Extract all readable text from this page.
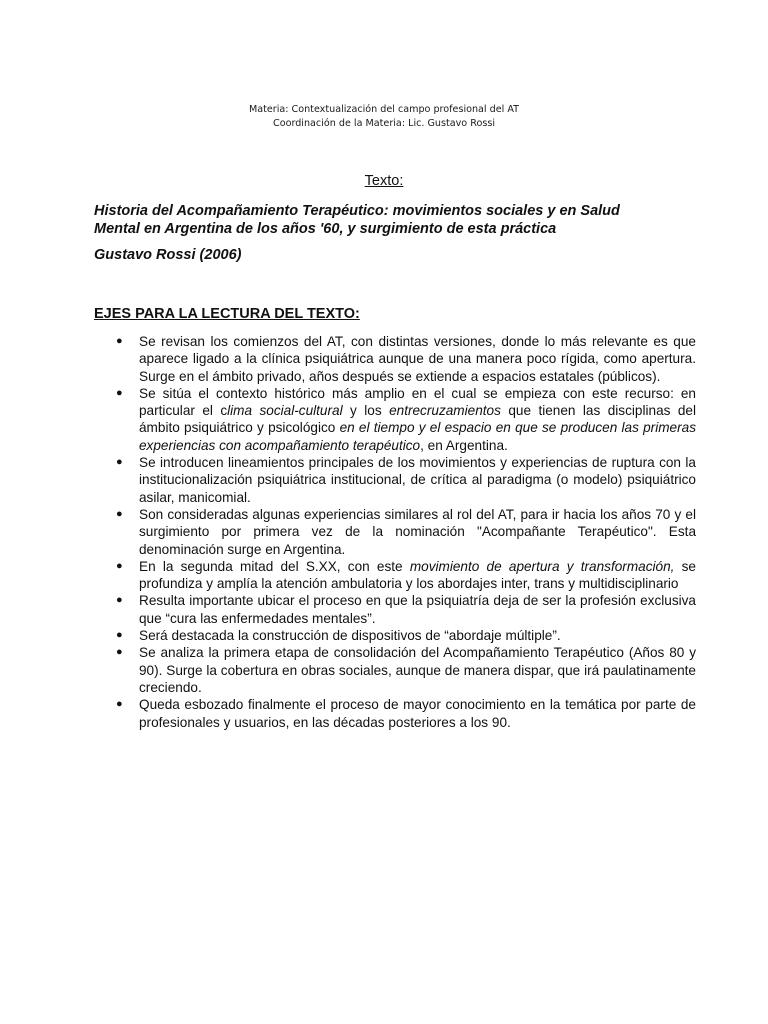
Materia: Contextualización del campo profesional del AT
Coordinación de la Materia: Lic. Gustavo Rossi
Texto:
Historia del Acompañamiento Terapéutico: movimientos sociales y en Salud
Mental en Argentina de los años '60, y surgimiento de esta práctica
Gustavo Rossi (2006)
EJES PARA LA LECTURA DEL TEXTO:
● Se revisan los comienzos del AT, con distintas versiones, donde lo más relevante es que aparece ligado a la clínica psiquiátrica aunque de una manera poco rígida, como apertura. Surge en el ámbito privado, años después se extiende a espacios estatales (públicos).
● Se sitúa el contexto histórico más amplio en el cual se empieza con este recurso: en particular el clima social-cultural y los entrecruzamientos que tienen las disciplinas del ámbito psiquiátrico y psicológico en el tiempo y el espacio en que se producen las primeras experiencias con acompañamiento terapéutico, en Argentina.
● Se introducen lineamientos principales de los movimientos y experiencias de ruptura con la institucionalización psiquiátrica institucional, de crítica al paradigma (o modelo) psiquiátrico asilar, manicomial.
● Son consideradas algunas experiencias similares al rol del AT, para ir hacia los años 70 y el surgimiento por primera vez de la nominación "Acompañante Terapéutico". Esta denominación surge en Argentina.
● En la segunda mitad del S.XX, con este movimiento de apertura y transformación, se profundiza y amplía la atención ambulatoria y los abordajes inter, trans y multidisciplinario
● Resulta importante ubicar el proceso en que la psiquiatría deja de ser la profesión exclusiva que “cura las enfermedades mentales”.
● Será destacada la construcción de dispositivos de “abordaje múltiple”.
● Se analiza la primera etapa de consolidación del Acompañamiento Terapéutico (Años 80 y 90). Surge la cobertura en obras sociales, aunque de manera dispar, que irá paulatinamente creciendo.
● Queda esbozado finalmente el proceso de mayor conocimiento en la temática por parte de profesionales y usuarios, en las décadas posteriores a los 90.
